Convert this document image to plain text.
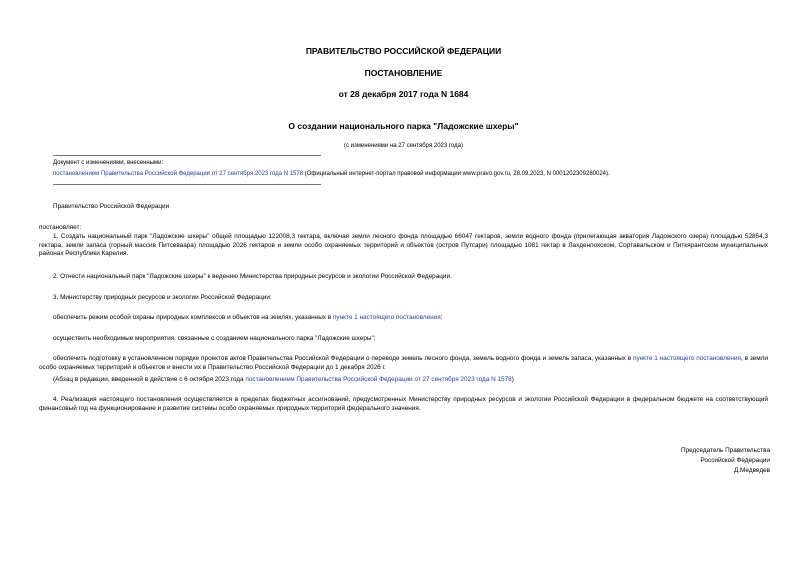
ПРАВИТЕЛЬСТВО РОССИЙСКОЙ ФЕДЕРАЦИИ
ПОСТАНОВЛЕНИЕ
от 28 декабря 2017 года N 1684
О создании национального парка "Ладожские шхеры"
(с изменениями на 27 сентября 2023 года)
Документ с изменениями, внесенными:
постановлением Правительства Российской Федерации от 27 сентября 2023 года N 1578 (Официальный интернет-портал правовой информации www.pravo.gov.ru, 28.09.2023, N 0001202309280024).
Правительство Российской Федерации
постановляет:
1. Создать национальный парк "Ладожские шхеры" общей площадью 122008,3 гектара, включая земли лесного фонда площадью 66047 гектаров, земли водного фонда (прилегающая акватория Ладожского озера) площадью 52854,3 гектара, земли запаса (горный массив Питсеваара) площадью 2026 гектаров и земли особо охраняемых территорий и объектов (остров Путсари) площадью 1081 гектар в Лахденпохском, Сортавальском и Питкярантском муниципальных районах Республики Карелия.
2. Отнести национальный парк "Ладожские шхеры" к ведению Министерства природных ресурсов и экологии Российской Федерации.
3. Министерству природных ресурсов и экологии Российской Федерации:
обеспечить режим особой охраны природных комплексов и объектов на землях, указанных в пункте 1 настоящего постановления;
осуществить необходимые мероприятия, связанные с созданием национального парка "Ладожские шхеры";
обеспечить подготовку в установленном порядке проектов актов Правительства Российской Федерации о переводе земель лесного фонда, земель водного фонда и земель запаса, указанных в пункте 1 настоящего постановления, в земли особо охраняемых территорий и объектов и внести их в Правительство Российской Федерации до 1 декабря 2026 г.
(Абзац в редакции, введенной в действие с 6 октября 2023 года постановлением Правительства Российской Федерации от 27 сентября 2023 года N 1578)
4. Реализация настоящего постановления осуществляется в пределах бюджетных ассигнований, предусмотренных Министерству природных ресурсов и экологии Российской Федерации в федеральном бюджете на соответствующий финансовый год на функционирование и развитие системы особо охраняемых природных территорий федерального значения.
Председатель Правительства
Российской Федерации
Д.Медведев
